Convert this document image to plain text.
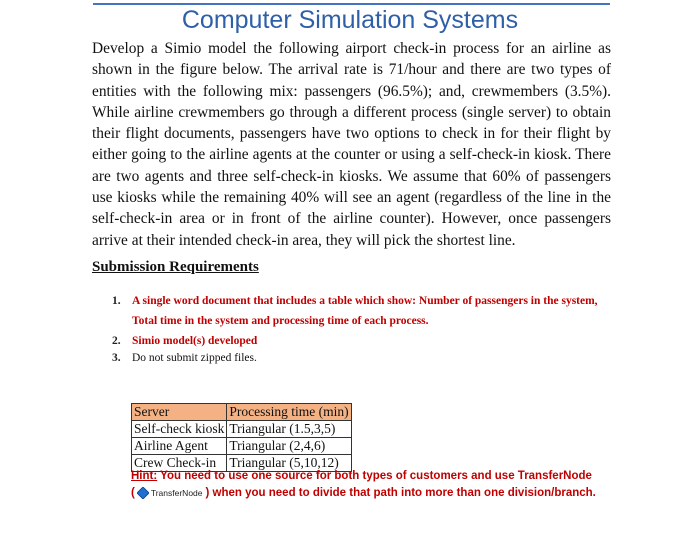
Computer Simulation Systems

Develop a Simio model the following airport check-in process for an airline as shown in the figure below. The arrival rate is 71/hour and there are two types of entities with the following mix: passengers (96.5%); and, crewmembers (3.5%). While airline crewmembers go through a different process (single server) to obtain their flight documents, passengers have two options to check in for their flight by either going to the airline agents at the counter or using a self-check-in kiosk. There are two agents and three self-check-in kiosks. We assume that 60% of passengers use kiosks while the remaining 40% will see an agent (regardless of the line in the self-check-in area or in front of the airline counter). However, once passengers arrive at their intended check-in area, they will pick the shortest line.

Submission Requirements
1. A single word document that includes a table which show: Number of passengers in the system, Total time in the system and processing time of each process.
2. Simio model(s) developed
3. Do not submit zipped files.
Server	Processing time (min)
Self-check kiosk	Triangular (1.5,3,5)
Airline Agent	Triangular (2,4,6)
Crew Check-in	Triangular (5,10,12)
Hint: You need to use one source for both types of customers and use TransferNode
( TransferNode ) when you need to divide that path into more than one division/branch.
